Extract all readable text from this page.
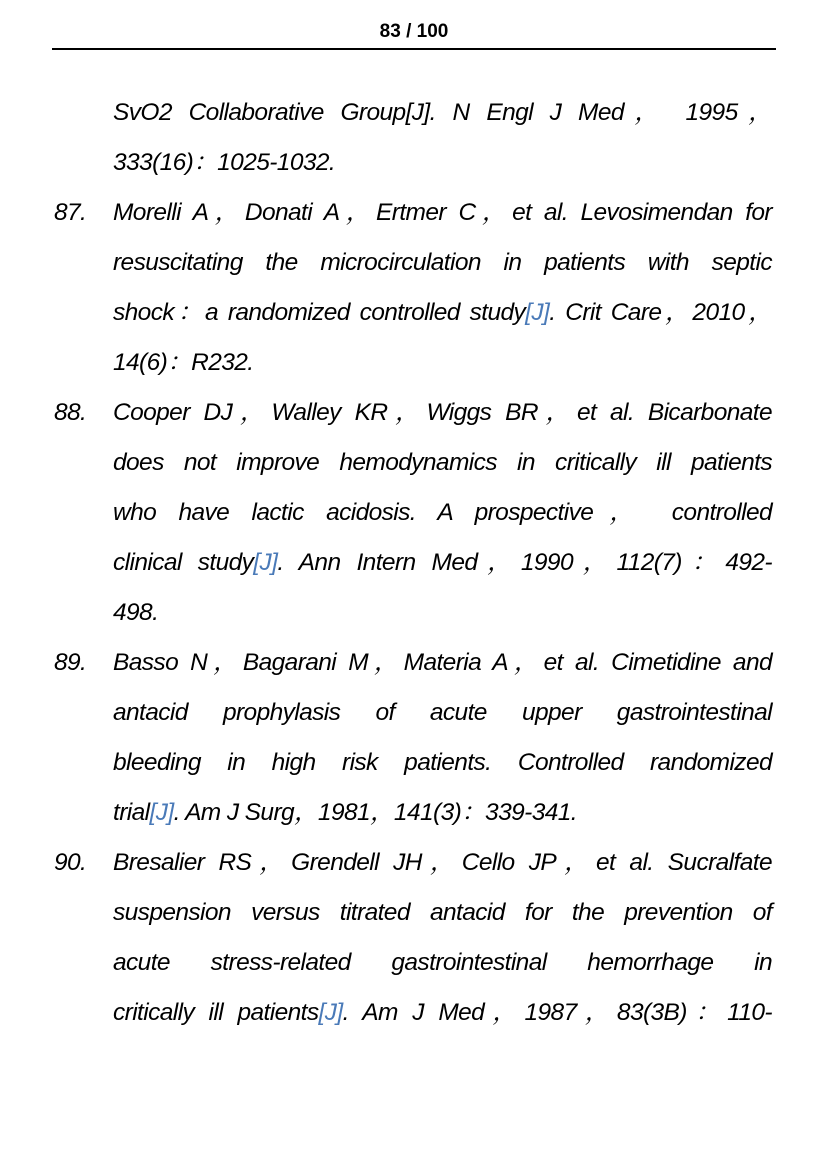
83 / 100
SvO2 Collaborative Group[J]. N Engl J Med， 1995，
333(16)：1025-1032.
87. Morelli A，Donati A，Ertmer C，et al. Levosimendan for
resuscitating the microcirculation in patients with septic
shock：a randomized controlled study[J]. Crit Care，2010，
14(6)：R232.
88. Cooper DJ，Walley KR，Wiggs BR，et al. Bicarbonate
does not improve hemodynamics in critically ill patients
who have lactic acidosis. A prospective， controlled
clinical study[J]. Ann Intern Med，1990，112(7)：492-
498.
89. Basso N，Bagarani M，Materia A，et al. Cimetidine and
antacid prophylasis of acute upper gastrointestinal
bleeding in high risk patients. Controlled randomized
trial[J]. Am J Surg，1981，141(3)：339-341.
90. Bresalier RS，Grendell JH，Cello JP，et al. Sucralfate
suspension versus titrated antacid for the prevention of
acute stress-related gastrointestinal hemorrhage in
critically ill patients[J]. Am J Med，1987，83(3B)：110-
